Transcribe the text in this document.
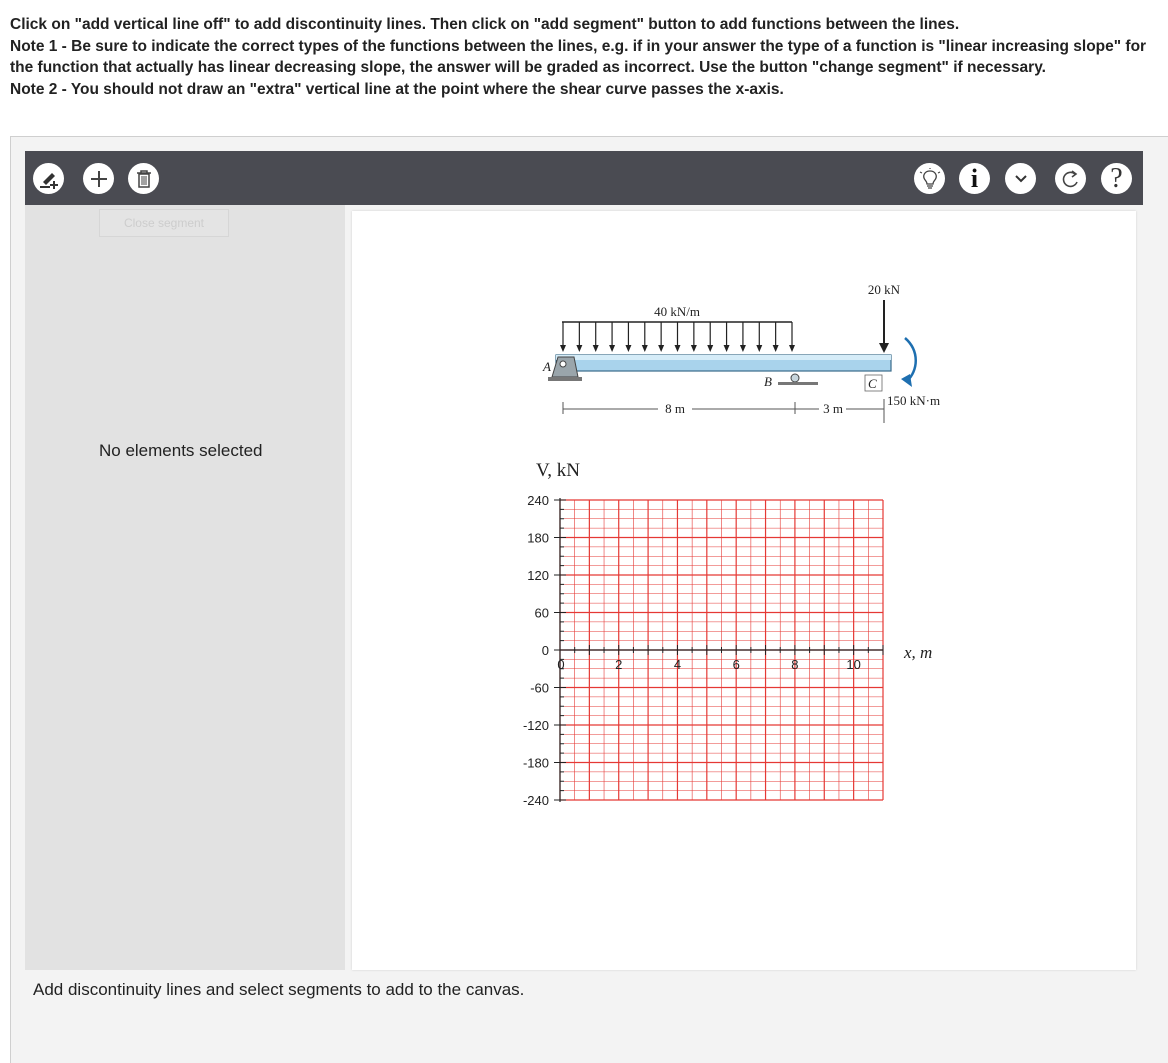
Click on "add vertical line off" to add discontinuity lines. Then click on "add segment" button to add functions between the lines.

Note 1 - Be sure to indicate the correct types of the functions between the lines, e.g. if in your answer the type of a function is "linear increasing slope" for the function that actually has linear decreasing slope, the answer will be graded as incorrect. Use the button "change segment" if necessary.

Note 2 - You should not draw an "extra" vertical line at the point where the shear curve passes the x-axis.

i	?
Close segment
No elements selected
40 kN/m
A
B	C
20 kN
150 kN·m
8 m	3 m
V, kN
x, m
240
180
120
60
0
-60
-120
-180
-240
0	2	4	6	8	10
Add discontinuity lines and select segments to add to the canvas.
